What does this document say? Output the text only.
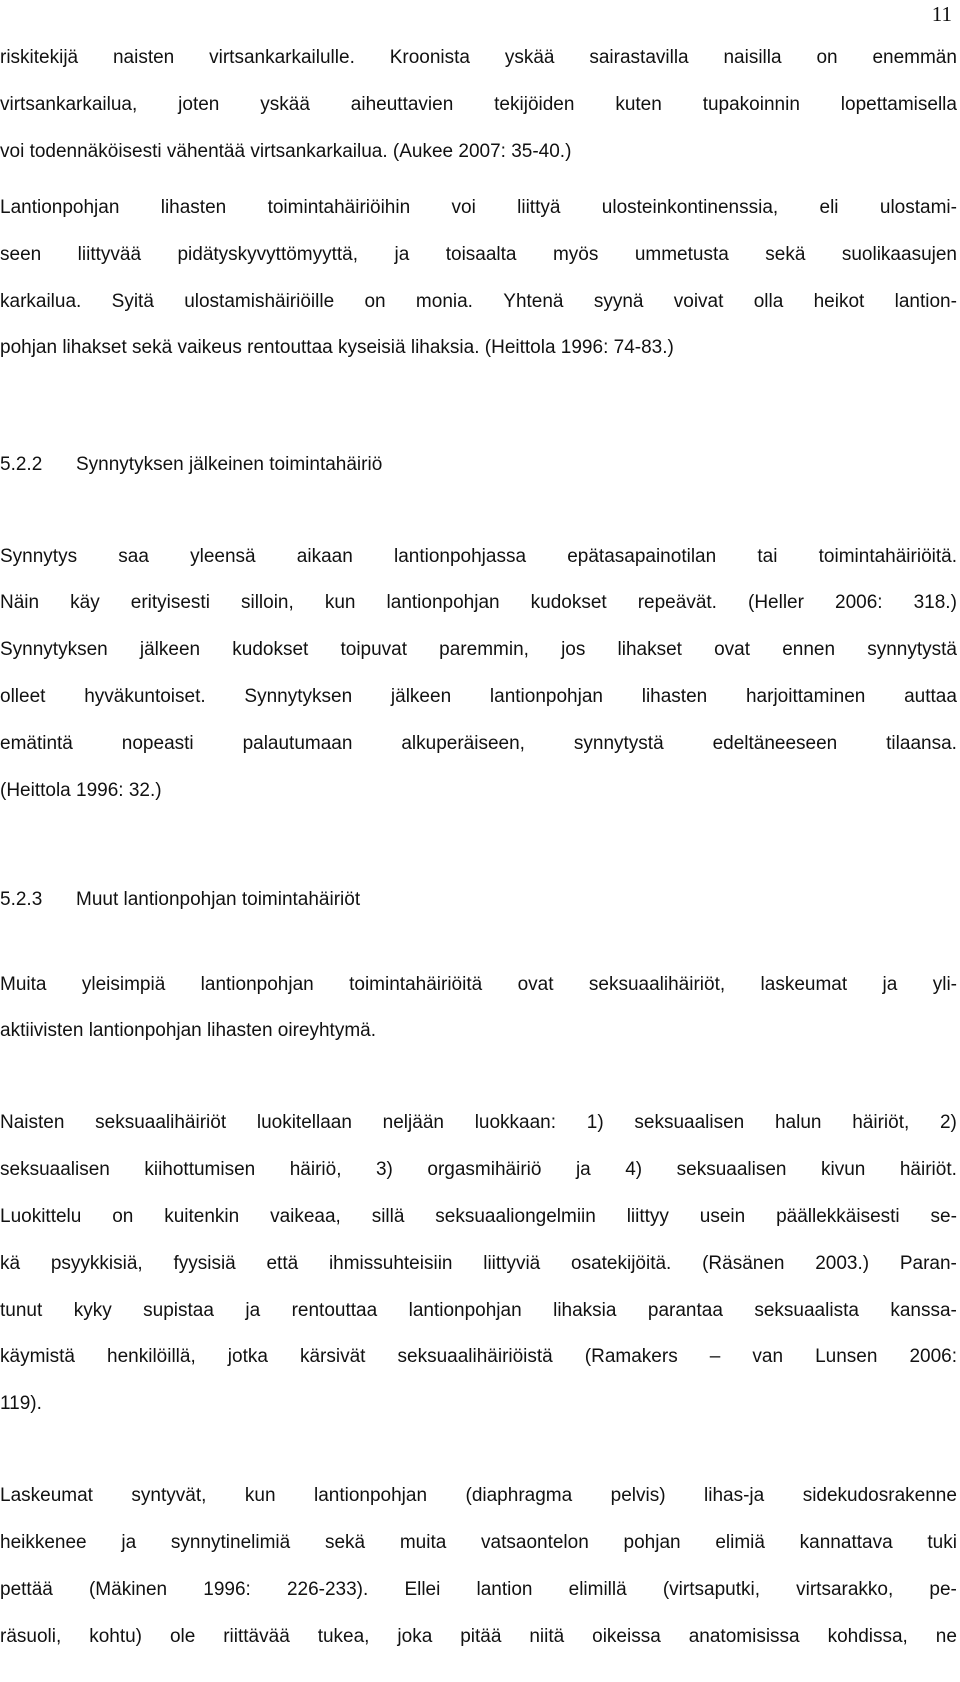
11
riskitekijä naisten virtsankarkailulle. Kroonista yskää sairastavilla naisilla on enemmän
virtsankarkailua, joten yskää aiheuttavien tekijöiden kuten tupakoinnin lopettamisella
voi todennäköisesti vähentää virtsankarkailua. (Aukee 2007: 35-40.)
Lantionpohjan lihasten toimintahäiriöihin voi liittyä ulosteinkontinenssia, eli ulostami-
seen liittyvää pidätyskyvyttömyyttä, ja toisaalta myös ummetusta sekä suolikaasujen
karkailua. Syitä ulostamishäiriöille on monia. Yhtenä syynä voivat olla heikot lantion-
pohjan lihakset sekä vaikeus rentouttaa kyseisiä lihaksia. (Heittola 1996: 74-83.)
Synnytys saa yleensä aikaan lantionpohjassa epätasapainotilan tai toimintahäiriöitä.
Näin käy erityisesti silloin, kun lantionpohjan kudokset repeävät. (Heller 2006: 318.)
Synnytyksen jälkeen kudokset toipuvat paremmin, jos lihakset ovat ennen synnytystä
olleet hyväkuntoiset. Synnytyksen jälkeen lantionpohjan lihasten harjoittaminen auttaa
emätintä	nopeasti	palautumaan	alkuperäiseen,	synnytystä	edeltäneeseen	tilaansa.
(Heittola 1996: 32.)
Muita yleisimpiä lantionpohjan toimintahäiriöitä ovat seksuaalihäiriöt, laskeumat ja yli-
aktiivisten lantionpohjan lihasten oireyhtymä.
Naisten seksuaalihäiriöt luokitellaan neljään luokkaan: 1) seksuaalisen halun häiriöt, 2)
seksuaalisen kiihottumisen häiriö, 3) orgasmihäiriö ja 4) seksuaalisen kivun häiriöt.
Luokittelu on kuitenkin vaikeaa, sillä seksuaaliongelmiin liittyy usein päällekkäisesti se-
kä psyykkisiä, fyysisiä että ihmissuhteisiin liittyviä osatekijöitä. (Räsänen 2003.) Paran-
tunut kyky supistaa ja rentouttaa lantionpohjan lihaksia parantaa seksuaalista kanssa-
käymistä henkilöillä, jotka kärsivät seksuaalihäiriöistä (Ramakers – van Lunsen 2006:
119).
Laskeumat syntyvät, kun lantionpohjan (diaphragma pelvis) lihas-ja sidekudosrakenne
heikkenee ja synnytinelimiä sekä muita vatsaontelon pohjan elimiä kannattava tuki
pettää (Mäkinen 1996: 226-233). Ellei lantion elimillä (virtsaputki, virtsarakko, pe-
räsuoli, kohtu) ole riittävää tukea, joka pitää niitä oikeissa anatomisissa kohdissa, ne
5.2.2 Synnytyksen jälkeinen toimintahäiriö
5.2.3 Muut lantionpohjan toimintahäiriöt
